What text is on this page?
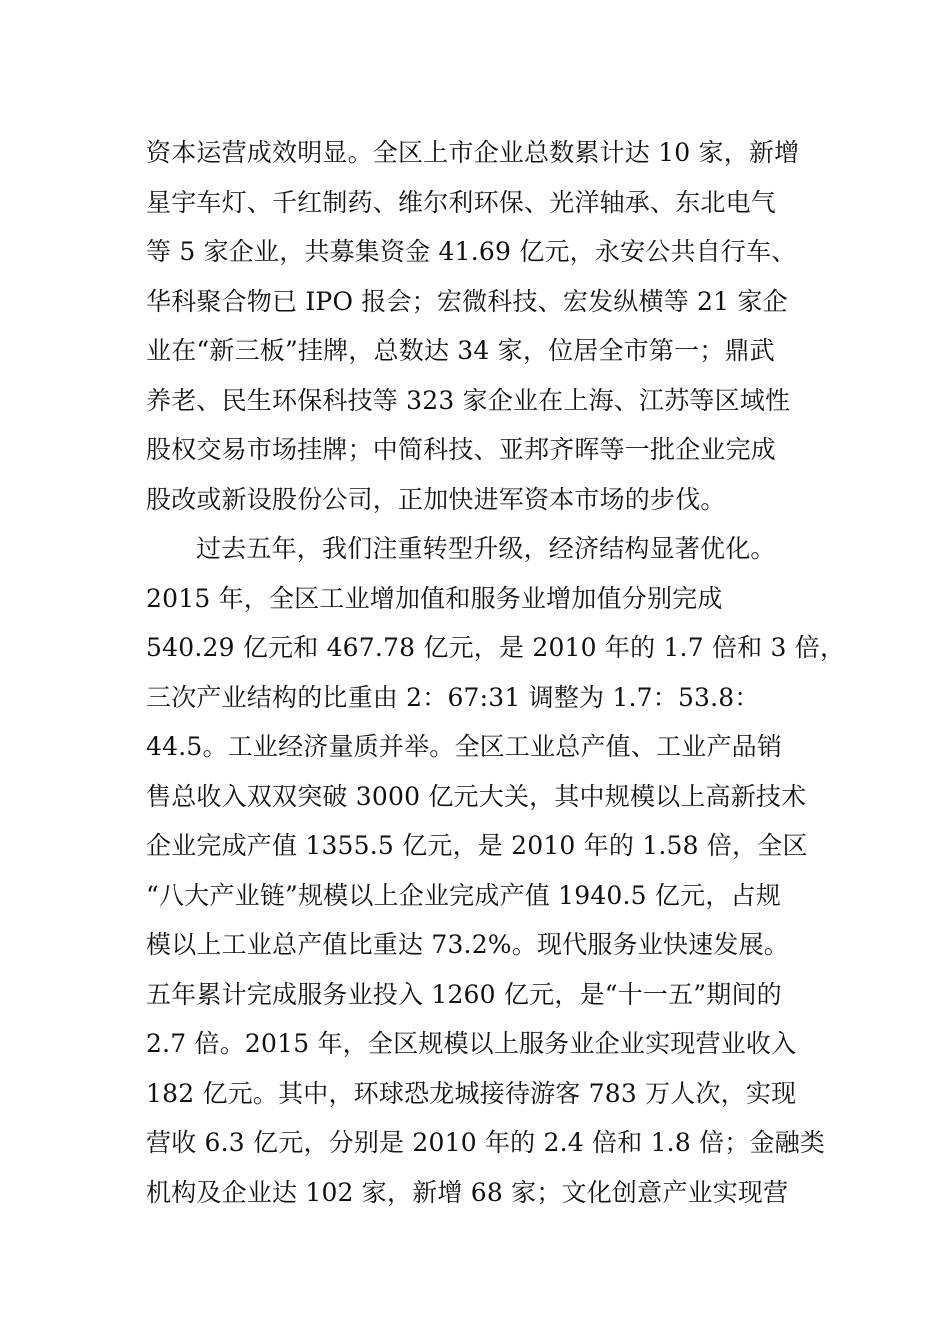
资本运营成效明显。全区上市企业总数累计达 10 家，新增
星宇车灯、千红制药、维尔利环保、光洋轴承、东北电气
等 5 家企业，共募集资金 41.69 亿元，永安公共自行车、
华科聚合物已 IPO 报会；宏微科技、宏发纵横等 21 家企
业在“新三板”挂牌，总数达 34 家，位居全市第一；鼎武
养老、民生环保科技等 323 家企业在上海、江苏等区域性
股权交易市场挂牌；中简科技、亚邦齐晖等一批企业完成
股改或新设股份公司，正加快进军资本市场的步伐。
过去五年，我们注重转型升级，经济结构显著优化。
2015 年，全区工业增加值和服务业增加值分别完成
540.29 亿元和 467.78 亿元，是 2010 年的 1.7 倍和 3 倍，
三次产业结构的比重由 2：67:31 调整为 1.7：53.8：
44.5。工业经济量质并举。全区工业总产值、工业产品销
售总收入双双突破 3000 亿元大关，其中规模以上高新技术
企业完成产值 1355.5 亿元，是 2010 年的 1.58 倍，全区
“八大产业链”规模以上企业完成产值 1940.5 亿元，占规
模以上工业总产值比重达 73.2%。现代服务业快速发展。
五年累计完成服务业投入 1260 亿元，是“十一五”期间的
2.7 倍。2015 年，全区规模以上服务业企业实现营业收入
182 亿元。其中，环球恐龙城接待游客 783 万人次，实现
营收 6.3 亿元，分别是 2010 年的 2.4 倍和 1.8 倍；金融类
机构及企业达 102 家，新增 68 家；文化创意产业实现营
